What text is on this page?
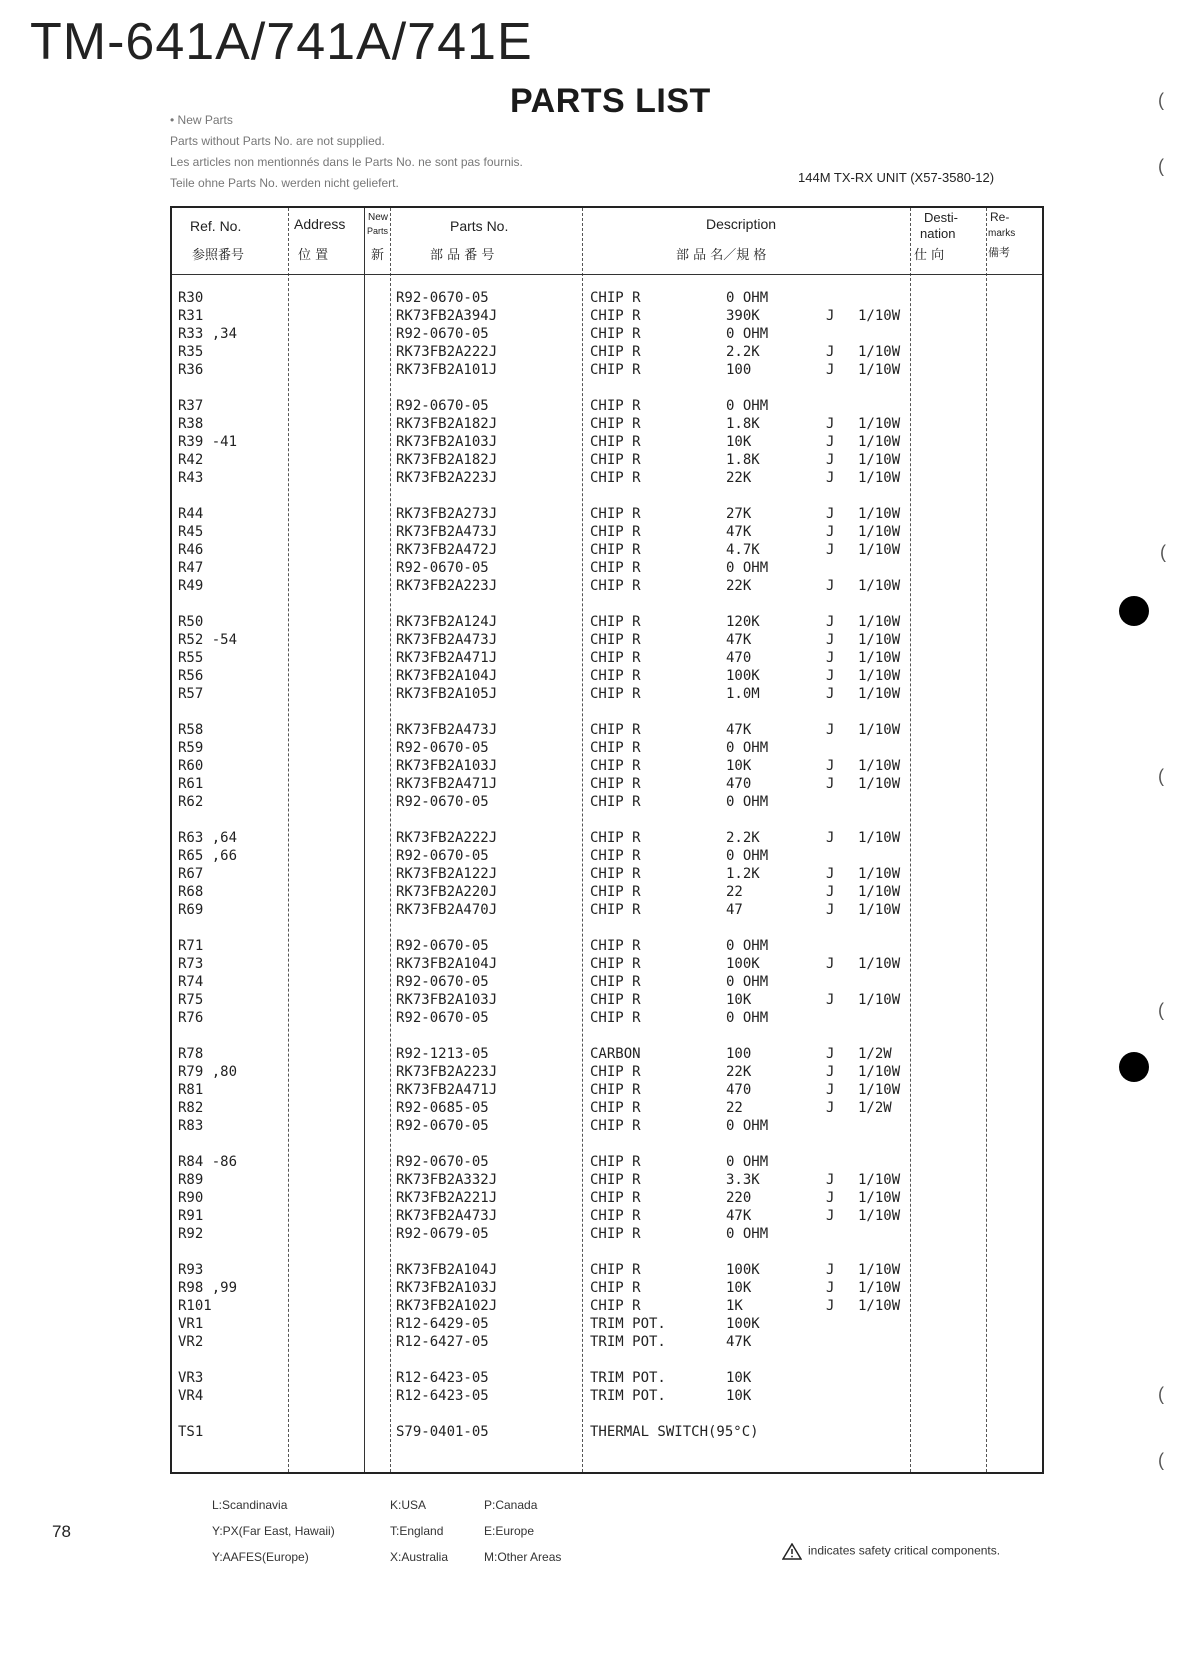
TM-641A/741A/741E
PARTS LIST
• New Parts
Parts without Parts No. are not supplied.
Les articles non mentionnés dans le Parts No. ne sont pas fournis.
Teile ohne Parts No. werden nicht geliefert.	144M TX-RX UNIT (X57-3580-12)
Ref. No.
参照番号
Address
位 置
New
Parts
新
Parts No.
部 品 番 号
Description
部 品 名／規 格
Desti-
nation
仕 向
Re-
marks
備考
R30	R92-0670-05	CHIP R	0 OHM
R31	RK73FB2A394J	CHIP R	390K	J 1/10W
R33 ,34	R92-0670-05	CHIP R	0 OHM
R35	RK73FB2A222J	CHIP R	2.2K	J 1/10W
R36	RK73FB2A101J	CHIP R	100	J 1/10W
R37	R92-0670-05	CHIP R	0 OHM
R38	RK73FB2A182J	CHIP R	1.8K	J 1/10W
R39 -41	RK73FB2A103J	CHIP R	10K	J 1/10W
R42	RK73FB2A182J	CHIP R	1.8K	J 1/10W
R43	RK73FB2A223J	CHIP R	22K	J 1/10W
R44	RK73FB2A273J	CHIP R	27K	J 1/10W
R45	RK73FB2A473J	CHIP R	47K	J 1/10W
R46	RK73FB2A472J	CHIP R	4.7K	J 1/10W
R47	R92-0670-05	CHIP R	0 OHM
R49	RK73FB2A223J	CHIP R	22K	J 1/10W
R50	RK73FB2A124J	CHIP R	120K	J 1/10W
R52 -54	RK73FB2A473J	CHIP R	47K	J 1/10W
R55	RK73FB2A471J	CHIP R	470	J 1/10W
R56	RK73FB2A104J	CHIP R	100K	J 1/10W
R57	RK73FB2A105J	CHIP R	1.0M	J 1/10W
R58	RK73FB2A473J	CHIP R	47K	J 1/10W
R59	R92-0670-05	CHIP R	0 OHM
R60	RK73FB2A103J	CHIP R	10K	J 1/10W
R61	RK73FB2A471J	CHIP R	470	J 1/10W
R62	R92-0670-05	CHIP R	0 OHM
R63 ,64	RK73FB2A222J	CHIP R	2.2K	J 1/10W
R65 ,66	R92-0670-05	CHIP R	0 OHM
R67	RK73FB2A122J	CHIP R	1.2K	J 1/10W
R68	RK73FB2A220J	CHIP R	22	J 1/10W
R69	RK73FB2A470J	CHIP R	47	J 1/10W
R71	R92-0670-05	CHIP R	0 OHM
R73	RK73FB2A104J	CHIP R	100K	J 1/10W
R74	R92-0670-05	CHIP R	0 OHM
R75	RK73FB2A103J	CHIP R	10K	J 1/10W
R76	R92-0670-05	CHIP R	0 OHM
R78	R92-1213-05	CARBON	100	J 1/2W
R79 ,80	RK73FB2A223J	CHIP R	22K	J 1/10W
R81	RK73FB2A471J	CHIP R	470	J 1/10W
R82	R92-0685-05	CHIP R	22	J 1/2W
R83	R92-0670-05	CHIP R	0 OHM
R84 -86	R92-0670-05	CHIP R	0 OHM
R89	RK73FB2A332J	CHIP R	3.3K	J 1/10W
R90	RK73FB2A221J	CHIP R	220	J 1/10W
R91	RK73FB2A473J	CHIP R	47K	J 1/10W
R92	R92-0679-05	CHIP R	0 OHM
R93	RK73FB2A104J	CHIP R	100K	J 1/10W
R98 ,99	RK73FB2A103J	CHIP R	10K	J 1/10W
R101	RK73FB2A102J	CHIP R	1K	J 1/10W
VR1	R12-6429-05	TRIM POT.	100K
VR2	R12-6427-05	TRIM POT.	47K
VR3	R12-6423-05	TRIM POT.	10K
VR4	R12-6423-05	TRIM POT.	10K
TS1	S79-0401-05	THERMAL SWITCH(95°C)
78
L:Scandinavia
Y:PX(Far East, Hawaii)
Y:AAFES(Europe)
K:USA
T:England
X:Australia
P:Canada
E:Europe
M:Other Areas	indicates safety critical components.
(
(
(
(
(
(
(
